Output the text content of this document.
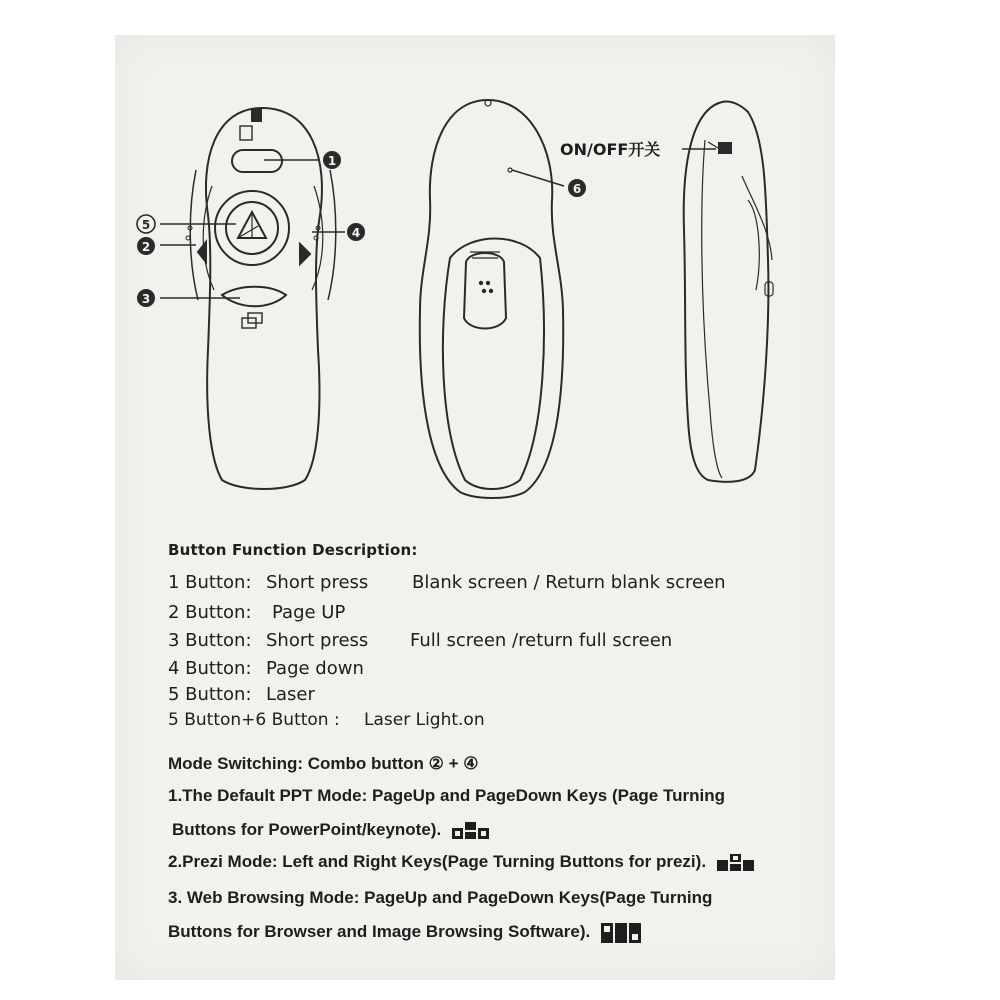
1
5
2
4
3
6
ON/OFF开关
Button Function Description:
1 Button: Short press Blank screen / Return blank screen
2 Button: Page UP
3 Button: Short press Full screen /return full screen
4 Button: Page down
5 Button: Laser
5 Button+6 Button : Laser Light.on
Mode Switching: Combo button ② + ④
1.The Default PPT Mode: PageUp and PageDown Keys (Page Turning
Buttons for PowerPoint/keynote).
2.Prezi Mode: Left and Right Keys(Page Turning Buttons for prezi).
3. Web Browsing Mode: PageUp and PageDown Keys(Page Turning
Buttons for Browser and Image Browsing Software).
